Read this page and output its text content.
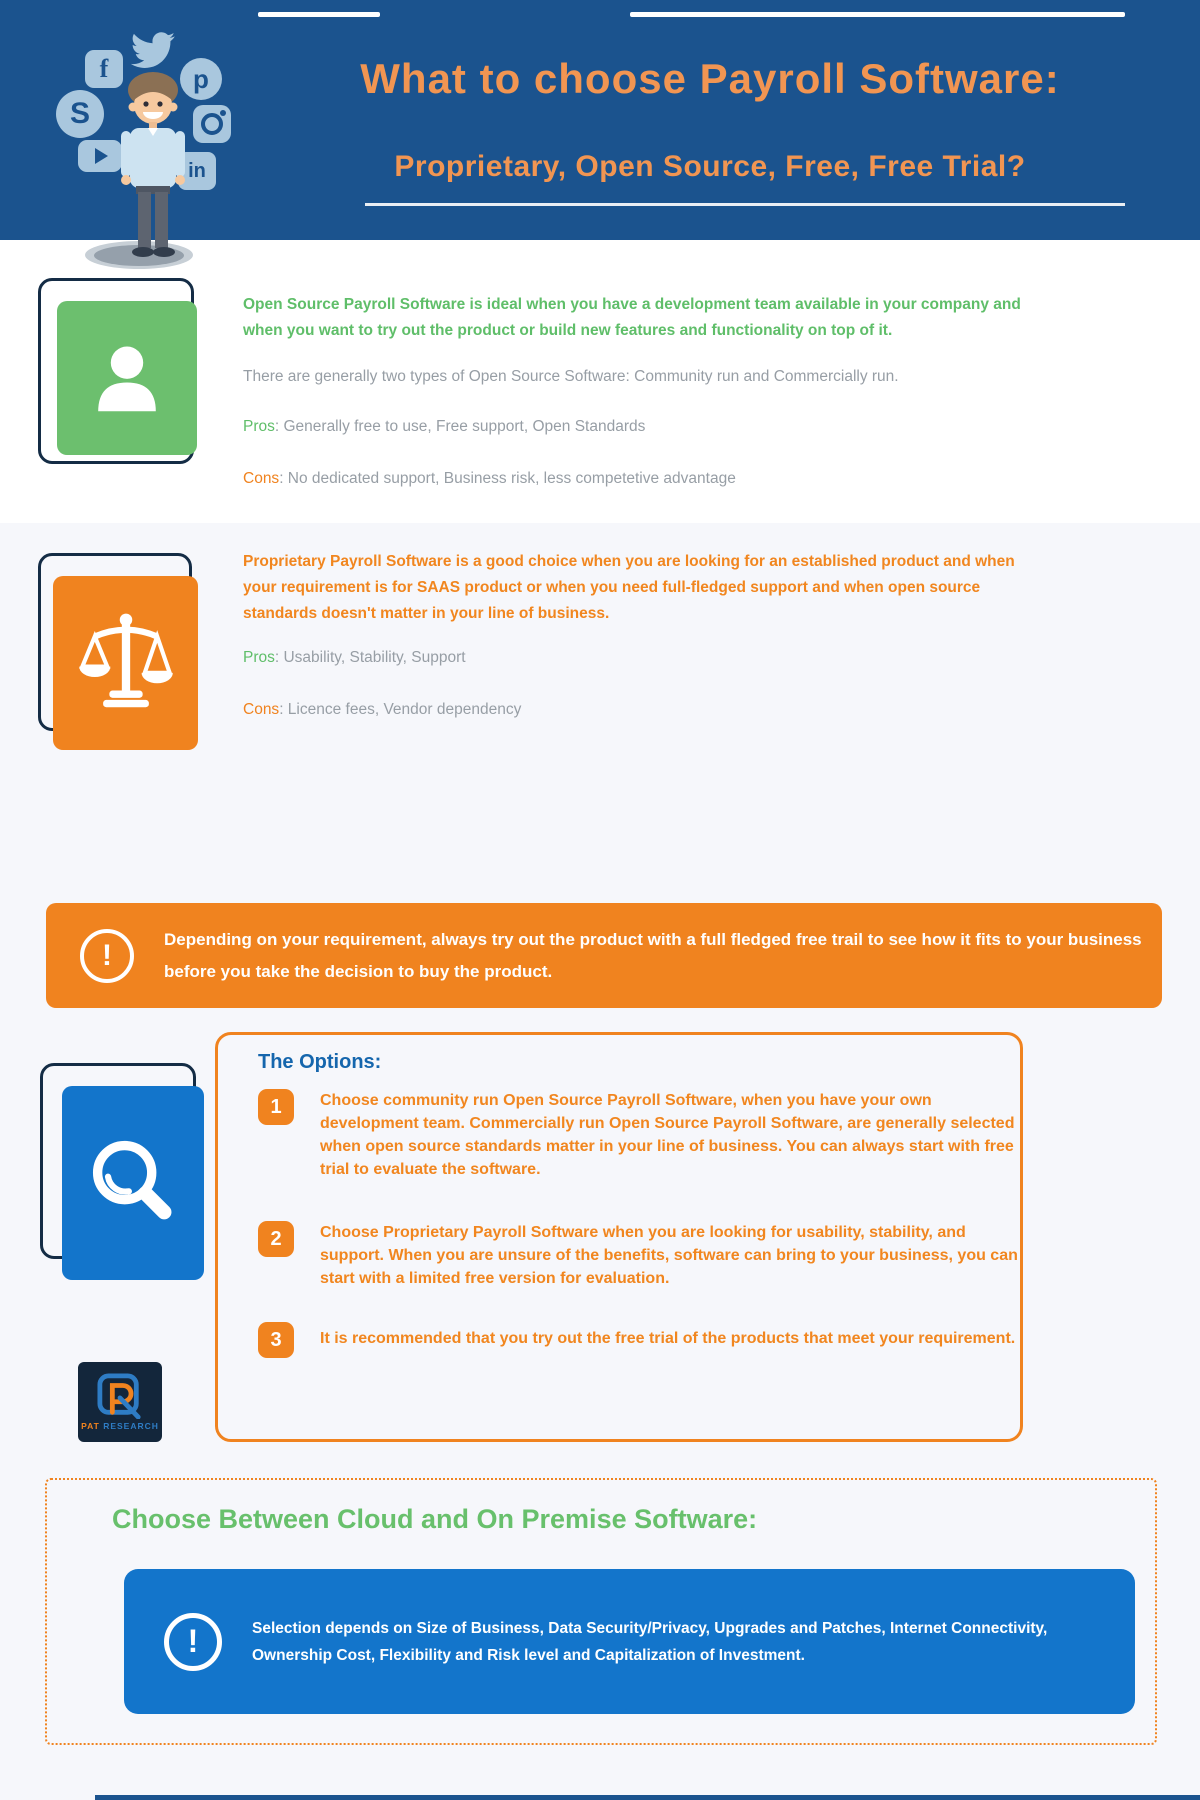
What to choose Payroll Software:
Proprietary, Open Source, Free, Free Trial?
f	p
S
in

Open Source Payroll Software is ideal when you have a development team available in your company and when you want to try out the product or build new features and functionality on top of it.

There are generally two types of Open Source Software: Community run and Commercially run.

Pros: Generally free to use, Free support, Open Standards

Cons: No dedicated support, Business risk, less competetive advantage

Proprietary Payroll Software is a good choice when you are looking for an established product and when your requirement is for SAAS product or when you need full-fledged support and when open source standards doesn't matter in your line of business.

Pros: Usability, Stability, Support

Cons: Licence fees, Vendor dependency

!	Depending on your requirement, always try out the product with a full fledged free trail to see how it fits to your business before you take the decision to buy the product.

The Options:

1	Choose community run Open Source Payroll Software, when you have your own development team. Commercially run Open Source Payroll Software, are generally selected when open source standards matter in your line of business. You can always start with free trial to evaluate the software.
2	Choose Proprietary Payroll Software when you are looking for usability, stability, and support. When you are unsure of the benefits, software can bring to your business, you can start with a limited free version for evaluation.
3	It is recommended that you try out the free trial of the products that meet your requirement.
PAT RESEARCH
Choose Between Cloud and On Premise Software:
!	Selection depends on Size of Business, Data Security/Privacy, Upgrades and Patches, Internet Connectivity, Ownership Cost, Flexibility and Risk level and Capitalization of Investment.
